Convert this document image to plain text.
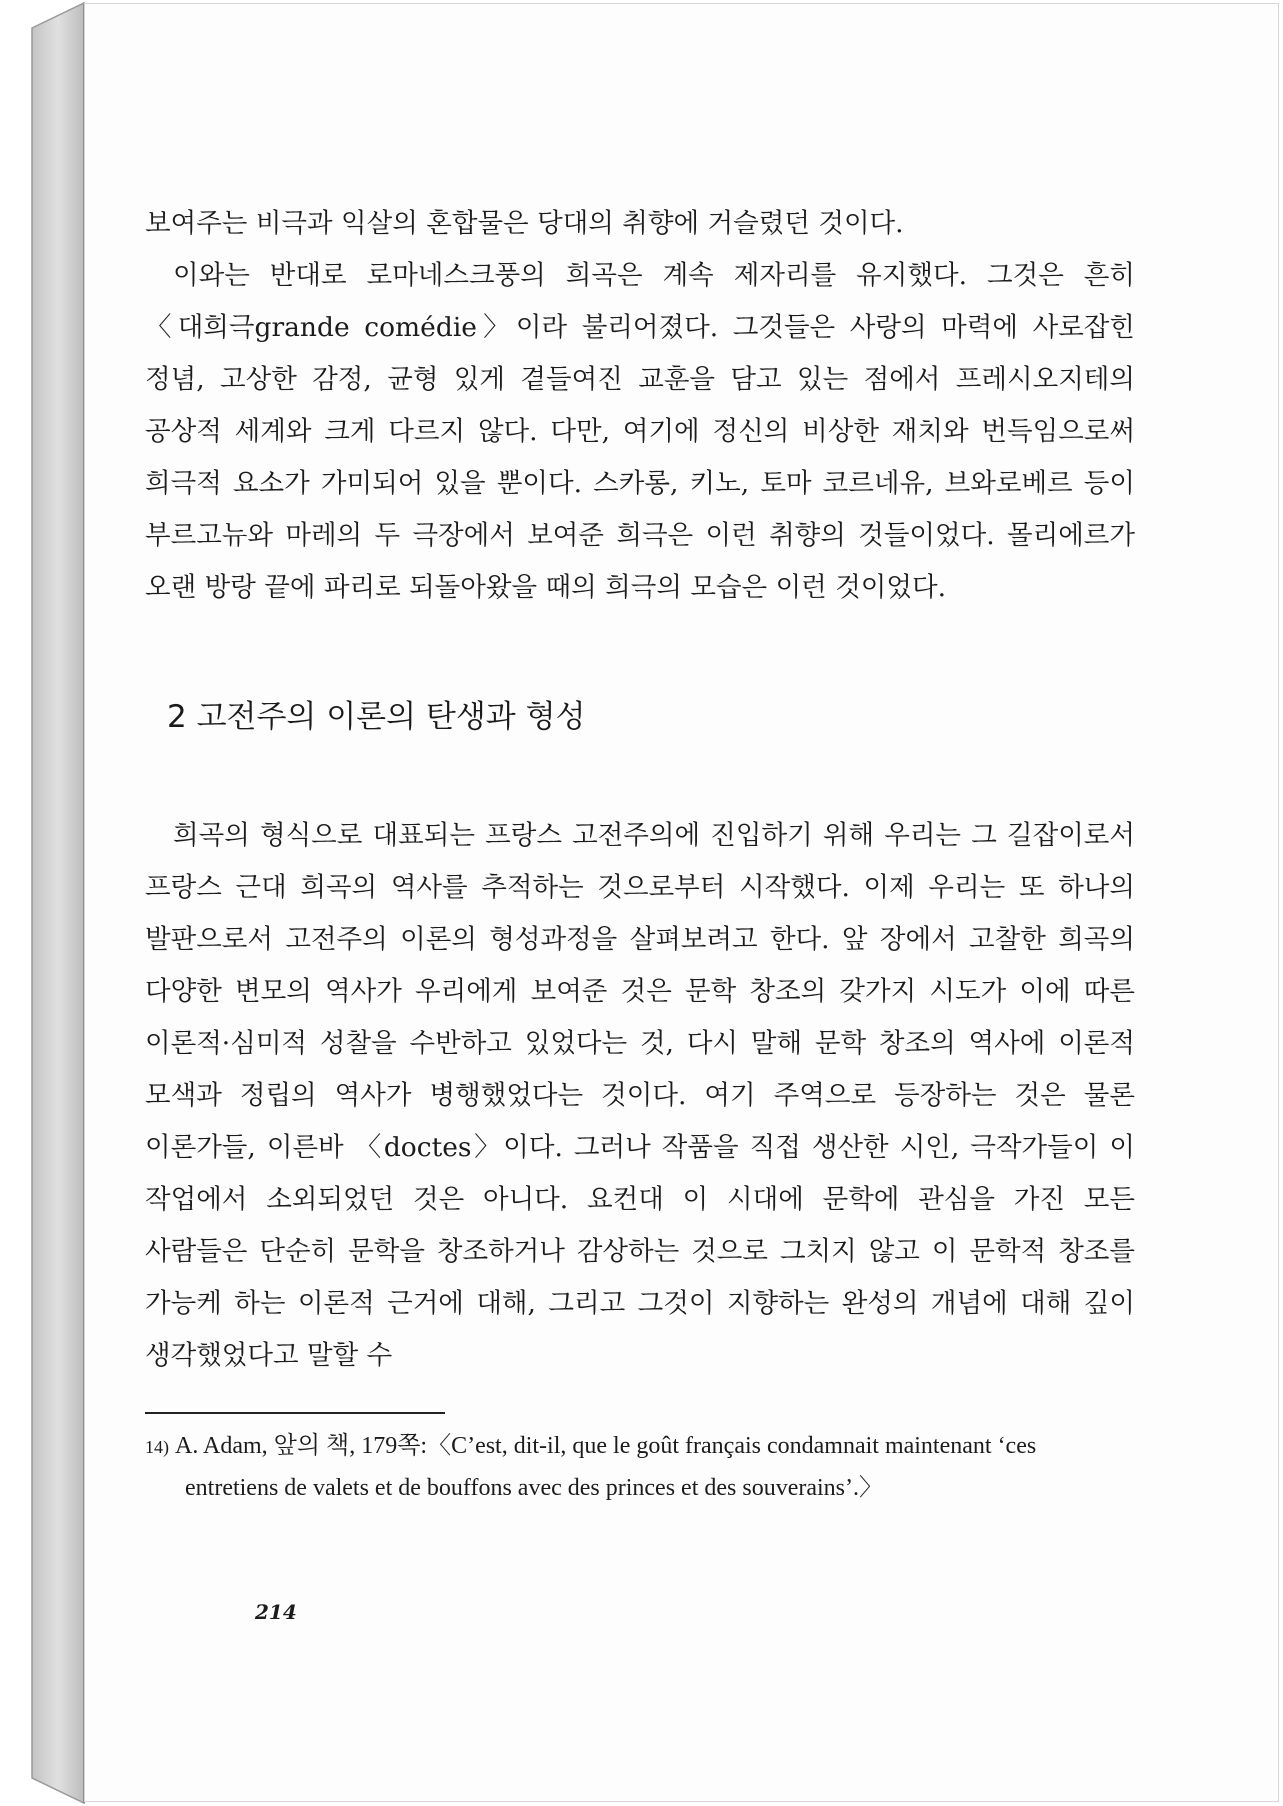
보여주는 비극과 익살의 혼합물은 당대의 취향에 거슬렸던 것이다.

이와는 반대로 로마네스크풍의 희곡은 계속 제자리를 유지했다. 그것은 흔히 〈대희극grande comédie〉이라 불리어졌다. 그것들은 사랑의 마력에 사로잡힌 정념, 고상한 감정, 균형 있게 곁들여진 교훈을 담고 있는 점에서 프레시오지테의 공상적 세계와 크게 다르지 않다. 다만, 여기에 정신의 비상한 재치와 번득임으로써 희극적 요소가 가미되어 있을 뿐이다. 스카롱, 키노, 토마 코르네유, 브와로베르 등이 부르고뉴와 마레의 두 극장에서 보여준 희극은 이런 취향의 것들이었다. 몰리에르가 오랜 방랑 끝에 파리로 되돌아왔을 때의 희극의 모습은 이런 것이었다.

2 고전주의 이론의 탄생과 형성

희곡의 형식으로 대표되는 프랑스 고전주의에 진입하기 위해 우리는 그 길잡이로서 프랑스 근대 희곡의 역사를 추적하는 것으로부터 시작했다. 이제 우리는 또 하나의 발판으로서 고전주의 이론의 형성과정을 살펴보려고 한다. 앞 장에서 고찰한 희곡의 다양한 변모의 역사가 우리에게 보여준 것은 문학 창조의 갖가지 시도가 이에 따른 이론적·심미적 성찰을 수반하고 있었다는 것, 다시 말해 문학 창조의 역사에 이론적 모색과 정립의 역사가 병행했었다는 것이다. 여기 주역으로 등장하는 것은 물론 이론가들, 이른바 〈doctes〉이다. 그러나 작품을 직접 생산한 시인, 극작가들이 이 작업에서 소외되었던 것은 아니다. 요컨대 이 시대에 문학에 관심을 가진 모든 사람들은 단순히 문학을 창조하거나 감상하는 것으로 그치지 않고 이 문학적 창조를 가능케 하는 이론적 근거에 대해, 그리고 그것이 지향하는 완성의 개념에 대해 깊이 생각했었다고 말할 수

14) A. Adam, 앞의 책, 179쪽:〈C’est, dit-il, que le goût français condamnait maintenant ‘ces entretiens de valets et de bouffons avec des princes et des souverains’.〉

214
